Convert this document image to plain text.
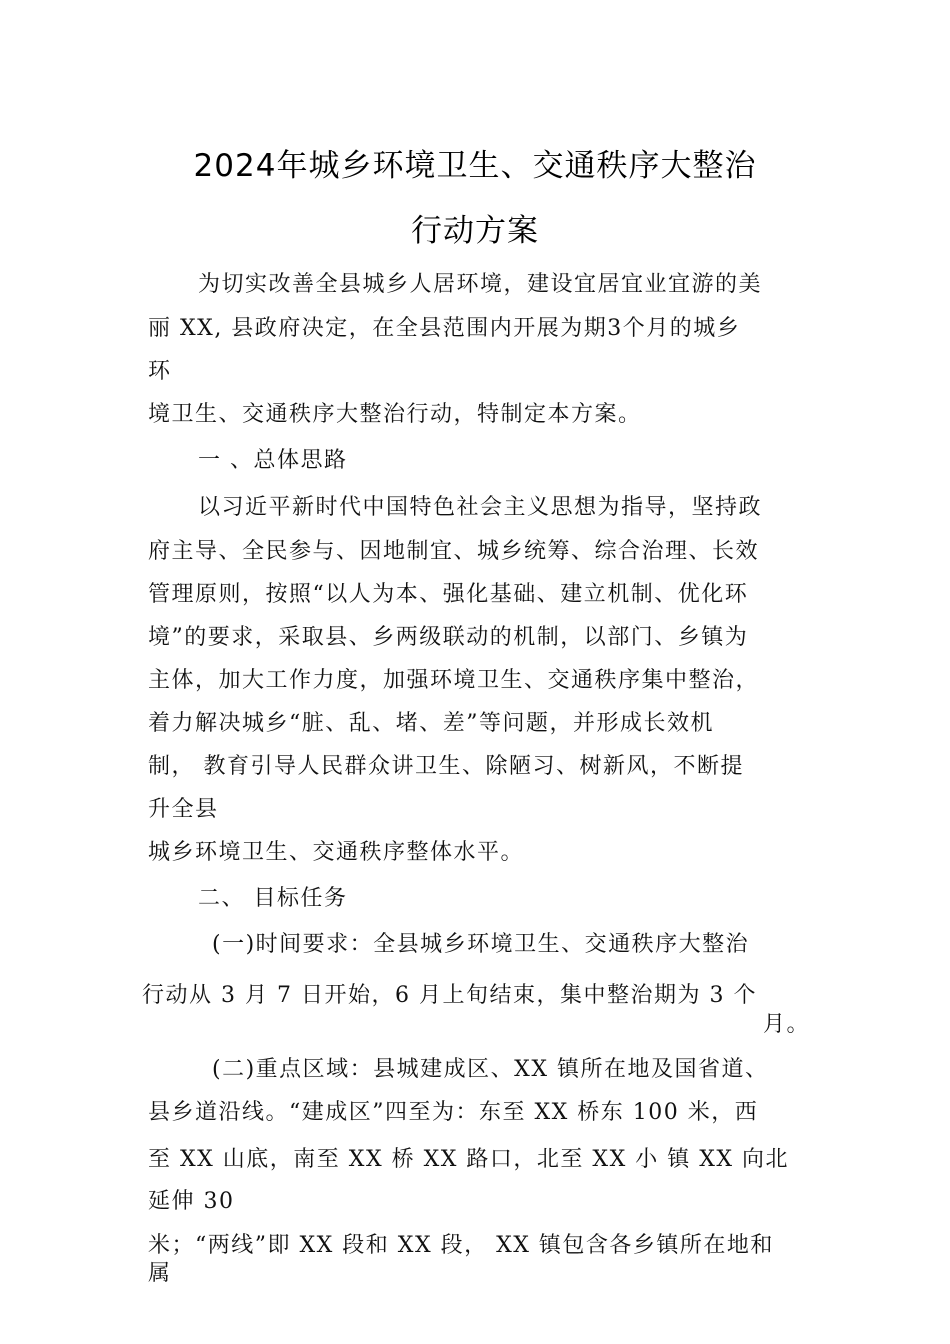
2024年城乡环境卫生、交通秩序大整治
行动方案
为切实改善全县城乡人居环境，建设宜居宜业宜游的美
丽 XX, 县政府决定，在全县范围内开展为期3个月的城乡
环
境卫生、交通秩序大整治行动，特制定本方案。
一 、总体思路
以习近平新时代中国特色社会主义思想为指导，坚持政
府主导、全民参与、因地制宜、城乡统筹、综合治理、长效
管理原则，按照“以人为本、强化基础、建立机制、优化环
境”的要求，采取县、乡两级联动的机制，以部门、乡镇为
主体，加大工作力度，加强环境卫生、交通秩序集中整治，
着力解决城乡“脏、乱、堵、差”等问题，并形成长效机
制， 教育引导人民群众讲卫生、除陋习、树新风，不断提
升全县
城乡环境卫生、交通秩序整体水平。
二、 目标任务
(一)时间要求：全县城乡环境卫生、交通秩序大整治
行动从 3 月 7 日开始，6 月上旬结束，集中整治期为 3 个
月。
(二)重点区域：县城建成区、XX 镇所在地及国省道、
县乡道沿线。“建成区”四至为：东至 XX 桥东 100 米，西
至 XX 山底，南至 XX 桥 XX 路口，北至 XX 小 镇 XX 向北
延伸 30
米；“两线”即 XX 段和 XX 段， XX 镇包含各乡镇所在地和
属
